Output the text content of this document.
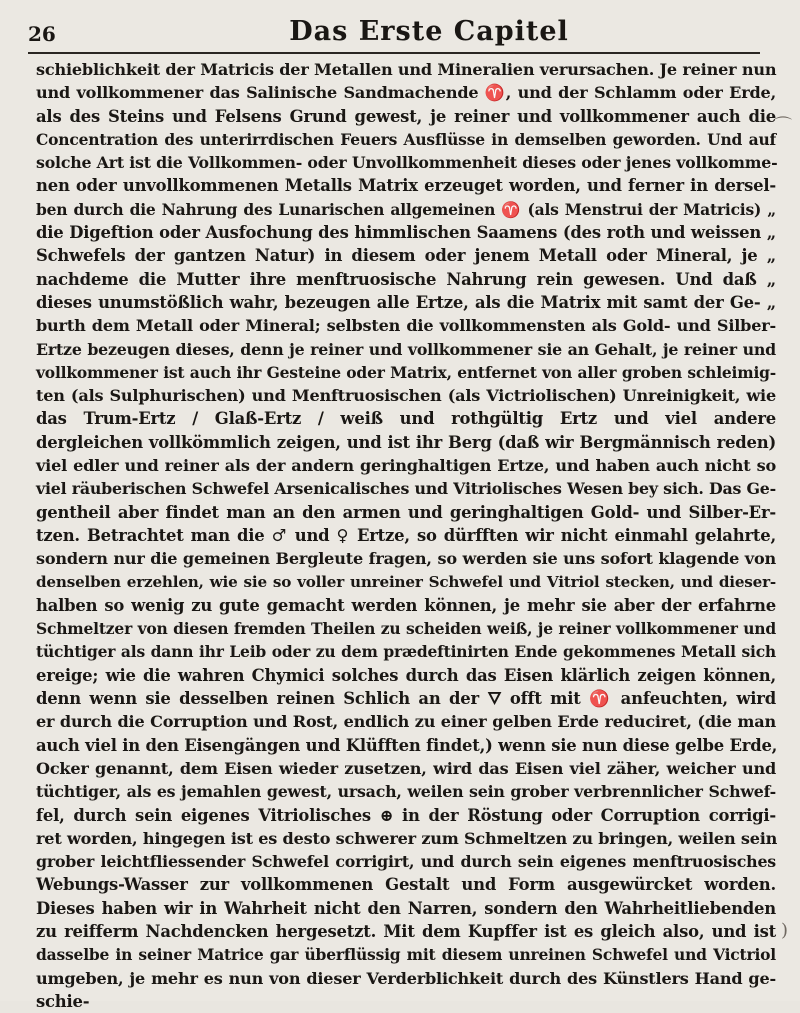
26	Das Erste Capitel
schieblichkeit der Matricis der Metallen und Mineralien verursachen. Je reiner nun
und vollkommener das Salinische Sandmachende ♈, und der Schlamm oder Erde,
als des Steins und Felsens Grund gewest, je reiner und vollkommener auch die
Concentration des unterirrdischen Feuers Ausflüsse in demselben geworden. Und auf
solche Art ist die Vollkommen- oder Unvollkommenheit dieses oder jenes vollkomme-
nen oder unvollkommenen Metalls Matrix erzeuget worden, und ferner in dersel-
ben durch die Nahrung des Lunarischen allgemeinen ♈ (als Menstrui der Matricis) „
die Digeftion oder Ausfochung des himmlischen Saamens (des roth und weissen „
Schwefels der gantzen Natur) in diesem oder jenem Metall oder Mineral, je „
nachdeme die Mutter ihre menftruosische Nahrung rein gewesen. Und daß „
dieses unumstößlich wahr, bezeugen alle Ertze, als die Matrix mit samt der Ge- „
burth dem Metall oder Mineral; selbsten die vollkommensten als Gold- und Silber-
Ertze bezeugen dieses, denn je reiner und vollkommener sie an Gehalt, je reiner und
vollkommener ist auch ihr Gesteine oder Matrix, entfernet von aller groben schleimig-
ten (als Sulphurischen) und Menftruosischen (als Victriolischen) Unreinigkeit, wie
das Trum-Ertz / Glaß-Ertz / weiß und rothgültig Ertz und viel andere
dergleichen vollkömmlich zeigen, und ist ihr Berg (daß wir Bergmännisch reden)
viel edler und reiner als der andern geringhaltigen Ertze, und haben auch nicht so
viel räuberischen Schwefel Arsenicalisches und Vitriolisches Wesen bey sich. Das Ge-
gentheil aber findet man an den armen und geringhaltigen Gold- und Silber-Er-
tzen. Betrachtet man die ♂ und ♀ Ertze, so dürfften wir nicht einmahl gelahrte,
sondern nur die gemeinen Bergleute fragen, so werden sie uns sofort klagende von
denselben erzehlen, wie sie so voller unreiner Schwefel und Vitriol stecken, und dieser-
halben so wenig zu gute gemacht werden können, je mehr sie aber der erfahrne
Schmeltzer von diesen fremden Theilen zu scheiden weiß, je reiner vollkommener und
tüchtiger als dann ihr Leib oder zu dem prædeftinirten Ende gekommenes Metall sich
ereige; wie die wahren Chymici solches durch das Eisen klärlich zeigen können,
denn wenn sie desselben reinen Schlich an der 🜄 offt mit ♈ anfeuchten, wird
er durch die Corruption und Rost, endlich zu einer gelben Erde reduciret, (die man
auch viel in den Eisengängen und Klüfften findet,) wenn sie nun diese gelbe Erde,
Ocker genannt, dem Eisen wieder zusetzen, wird das Eisen viel zäher, weicher und
tüchtiger, als es jemahlen gewest, ursach, weilen sein grober verbrennlicher Schwef-
fel, durch sein eigenes Vitriolisches ⊕ in der Röstung oder Corruption corrigi-
ret worden, hingegen ist es desto schwerer zum Schmeltzen zu bringen, weilen sein
grober leichtfliessender Schwefel corrigirt, und durch sein eigenes menftruosisches
Webungs-Wasser zur vollkommenen Gestalt und Form ausgewürcket worden.
Dieses haben wir in Wahrheit nicht den Narren, sondern den Wahrheitliebenden
zu reifferm Nachdencken hergesetzt. Mit dem Kupffer ist es gleich also, und ist
dasselbe in seiner Matrice gar überflüssig mit diesem unreinen Schwefel und Victriol
umgeben, je mehr es nun von dieser Verderblichkeit durch des Künstlers Hand ge-
schie-
⌒
)
